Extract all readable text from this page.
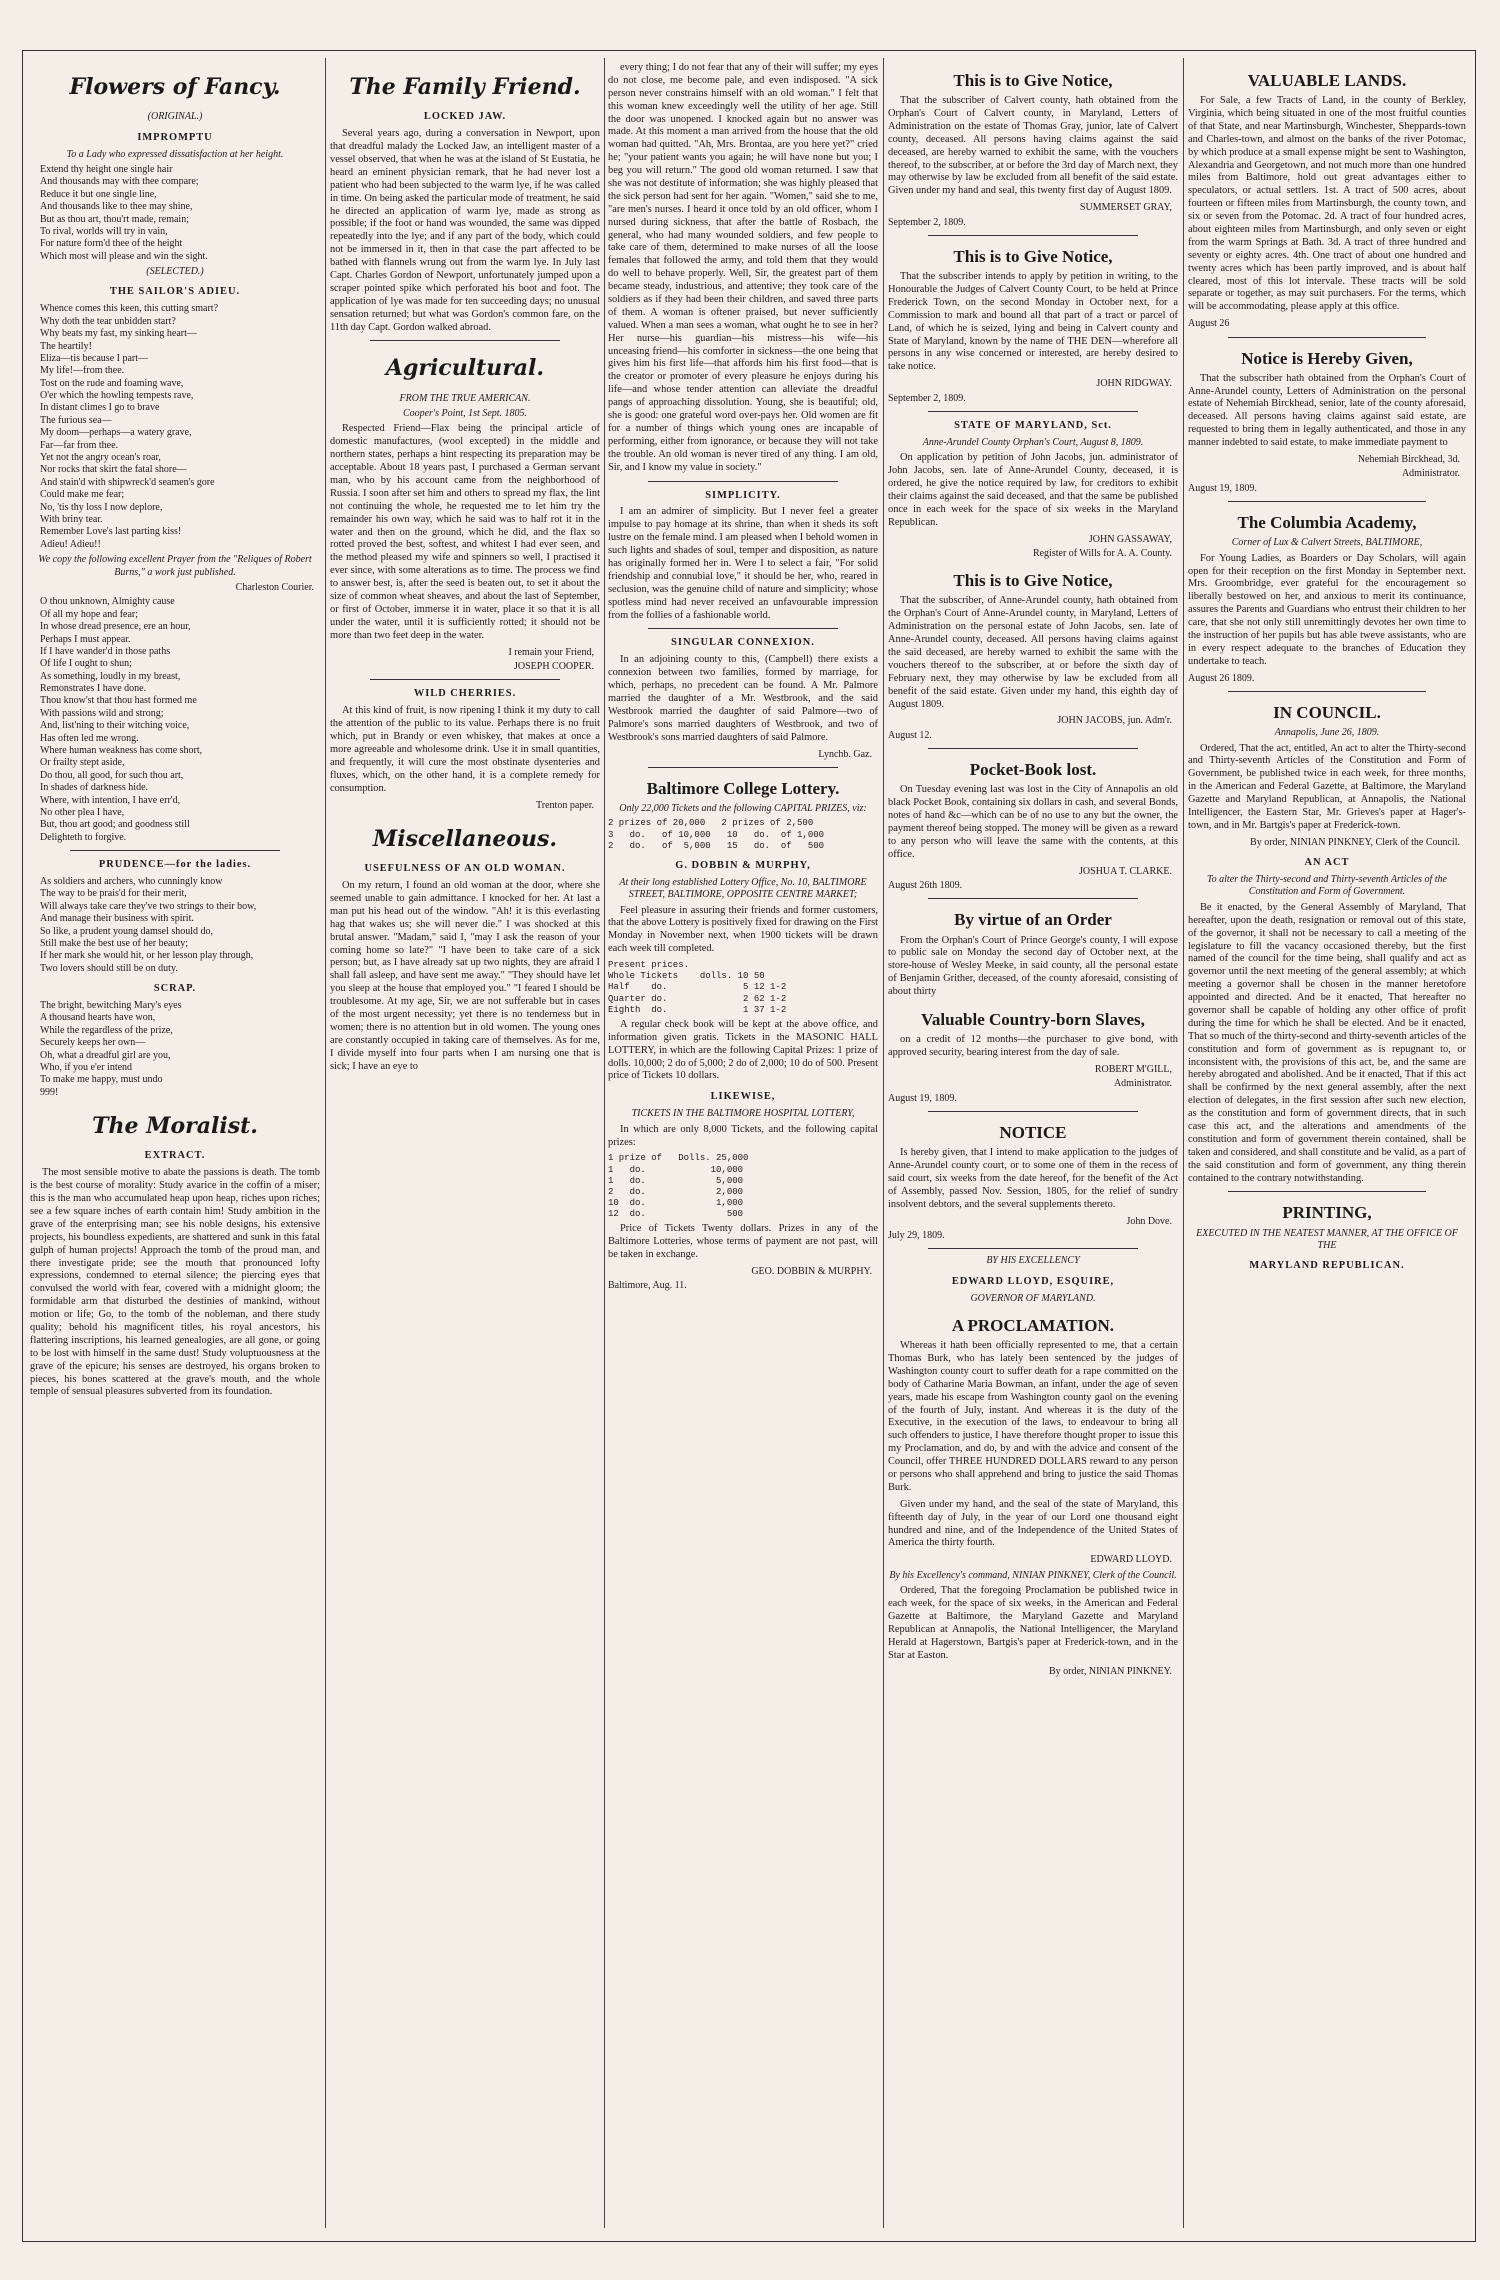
Flowers of Fancy.
(ORIGINAL.)
IMPROMPTU
To a Lady who expressed dissatisfaction at her height.
Extend thy height one single hair
And thousands may with thee compare;
Reduce it but one single line,
And thousands like to thee may shine,
But as thou art, thou'rt made, remain;
To rival, worlds will try in vain,
For nature form'd thee of the height
Which most will please and win the sight.
(SELECTED.)
THE SAILOR'S ADIEU.
Whence comes this keen, this cutting smart?
Why doth the tear unbidden start?
Why beats my fast, my sinking heart—
The heartily!
Eliza—tis because I part—
My life!—from thee.
Tost on the rude and foaming wave,
O'er which the howling tempests rave,
In distant climes I go to brave
The furious sea—
My doom—perhaps—a watery grave,
Far—far from thee.
Yet not the angry ocean's roar,
Nor rocks that skirt the fatal shore—
And stain'd with shipwreck'd seamen's gore
Could make me fear;
No, 'tis thy loss I now deplore,
With briny tear.
Remember Love's last parting kiss!
Adieu! Adieu!!
We copy the following excellent Prayer from the "Reliques of Robert Burns," a work just published.
Charleston Courier.
O thou unknown, Almighty cause
Of all my hope and fear;
In whose dread presence, ere an hour,
Perhaps I must appear.
If I have wander'd in those paths
Of life I ought to shun;
As something, loudly in my breast,
Remonstrates I have done.
Thou know'st that thou hast formed me
With passions wild and strong;
And, list'ning to their witching voice,
Has often led me wrong.
Where human weakness has come short,
Or frailty stept aside,
Do thou, all good, for such thou art,
In shades of darkness hide.
Where, with intention, I have err'd,
No other plea I have,
But, thou art good; and goodness still
Delighteth to forgive.
PRUDENCE—for the ladies.
As soldiers and archers, who cunningly know
The way to be prais'd for their merit,
Will always take care they've two strings to their bow,
And manage their business with spirit.
So like, a prudent young damsel should do,
Still make the best use of her beauty;
If her mark she would hit, or her lesson play through,
Two lovers should still be on duty.
SCRAP.
The bright, bewitching Mary's eyes
A thousand hearts have won,
While the regardless of the prize,
Securely keeps her own—
Oh, what a dreadful girl are you,
Who, if you e'er intend
To make me happy, must undo
999!
The Moralist.
EXTRACT.

The most sensible motive to abate the passions is death. The tomb is the best course of morality: Study avarice in the coffin of a miser; this is the man who accumulated heap upon heap, riches upon riches; see a few square inches of earth contain him! Study ambition in the grave of the enterprising man; see his noble designs, his extensive projects, his boundless expedients, are shattered and sunk in this fatal gulph of human projects! Approach the tomb of the proud man, and there investigate pride; see the mouth that pronounced lofty expressions, condemned to eternal silence; the piercing eyes that convulsed the world with fear, covered with a midnight gloom; the formidable arm that disturbed the destinies of mankind, without motion or life; Go, to the tomb of the nobleman, and there study quality; behold his magnificent titles, his royal ancestors, his flattering inscriptions, his learned genealogies, are all gone, or going to be lost with himself in the same dust! Study voluptuousness at the grave of the epicure; his senses are destroyed, his organs broken to pieces, his bones scattered at the grave's mouth, and the whole temple of sensual pleasures subverted from its foundation.

The Family Friend.
LOCKED JAW.

Several years ago, during a conversation in Newport, upon that dreadful malady the Locked Jaw, an intelligent master of a vessel observed, that when he was at the island of St Eustatia, he heard an eminent physician remark, that he had never lost a patient who had been subjected to the warm lye, if he was called in time. On being asked the particular mode of treatment, he said he directed an application of warm lye, made as strong as possible; if the foot or hand was wounded, the same was dipped repeatedly into the lye; and if any part of the body, which could not be immersed in it, then in that case the part affected to be bathed with flannels wrung out from the warm lye. In July last Capt. Charles Gordon of Newport, unfortunately jumped upon a scraper pointed spike which perforated his boot and foot. The application of lye was made for ten succeeding days; no unusual sensation returned; but what was Gordon's common fare, on the 11th day Capt. Gordon walked abroad.

Agricultural.
FROM THE TRUE AMERICAN.
Cooper's Point, 1st Sept. 1805.

Respected Friend—Flax being the principal article of domestic manufactures, (wool excepted) in the middle and northern states, perhaps a hint respecting its preparation may be acceptable. About 18 years past, I purchased a German servant man, who by his account came from the neighborhood of Russia. I soon after set him and others to spread my flax, the lint not continuing the whole, he requested me to let him try the remainder his own way, which he said was to half rot it in the water and then on the ground, which he did, and the flax so rotted proved the best, softest, and whitest I had ever seen, and the method pleased my wife and spinners so well, I practised it ever since, with some alterations as to time. The process we find to answer best, is, after the seed is beaten out, to set it about the size of common wheat sheaves, and about the last of September, or first of October, immerse it in water, place it so that it is all under the water, until it is sufficiently rotted; it should not be more than two feet deep in the water.

I remain your Friend,
JOSEPH COOPER.
WILD CHERRIES.

At this kind of fruit, is now ripening I think it my duty to call the attention of the public to its value. Perhaps there is no fruit which, put in Brandy or even whiskey, that makes at once a more agreeable and wholesome drink. Use it in small quantities, and frequently, it will cure the most obstinate dysenteries and fluxes, which, on the other hand, it is a complete remedy for consumption.

Trenton paper.
Miscellaneous.
USEFULNESS OF AN OLD WOMAN.

On my return, I found an old woman at the door, where she seemed unable to gain admittance. I knocked for her. At last a man put his head out of the window. "Ah! it is this everlasting hag that wakes us; she will never die." I was shocked at this brutal answer. "Madam," said I, "may I ask the reason of your coming home so late?" "I have been to take care of a sick person; but, as I have already sat up two nights, they are afraid I shall fall asleep, and have sent me away." "They should have let you sleep at the house that employed you." "I feared I should be troublesome. At my age, Sir, we are not sufferable but in cases of the most urgent necessity; yet there is no tenderness but in women; there is no attention but in old women. The young ones are constantly occupied in taking care of themselves. As for me, I divide myself into four parts when I am nursing one that is sick; I have an eye to

every thing; I do not fear that any of their will suffer; my eyes do not close, me become pale, and even indisposed. "A sick person never constrains himself with an old woman." I felt that this woman knew exceedingly well the utility of her age. Still the door was unopened. I knocked again but no answer was made. At this moment a man arrived from the house that the old woman had quitted. "Ah, Mrs. Brontaa, are you here yet?" cried he; "your patient wants you again; he will have none but you; I beg you will return." The good old woman returned. I saw that she was not destitute of information; she was highly pleased that the sick person had sent for her again. "Women," said she to me, "are men's nurses. I heard it once told by an old officer, whom I nursed during sickness, that after the battle of Rosbach, the general, who had many wounded soldiers, and few people to take care of them, determined to make nurses of all the loose females that followed the army, and told them that they would do well to behave properly. Well, Sir, the greatest part of them became steady, industrious, and attentive; they took care of the soldiers as if they had been their children, and saved three parts of them. A woman is oftener praised, but never sufficiently valued. When a man sees a woman, what ought he to see in her? Her nurse—his guardian—his mistress—his wife—his unceasing friend—his comforter in sickness—the one being that gives him his first life—that affords him his first food—that is the creator or promoter of every pleasure he enjoys during his life—and whose tender attention can alleviate the dreadful pangs of approaching dissolution. Young, she is beautiful; old, she is good: one grateful word over-pays her. Old women are fit for a number of things which young ones are incapable of performing, either from ignorance, or because they will not take the trouble. An old woman is never tired of any thing. I am old, Sir, and I know my value in society."

SIMPLICITY.

I am an admirer of simplicity. But I never feel a greater impulse to pay homage at its shrine, than when it sheds its soft lustre on the female mind. I am pleased when I behold women in such lights and shades of soul, temper and disposition, as nature has originally formed her in. Were I to select a fair, "For solid friendship and connubial love," it should be her, who, reared in seclusion, was the genuine child of nature and simplicity; whose spotless mind had never received an unfavourable impression from the follies of a fashionable world.

SINGULAR CONNEXION.

In an adjoining county to this, (Campbell) there exists a connexion between two families, formed by marriage, for which, perhaps, no precedent can be found. A Mr. Palmore married the daughter of a Mr. Westbrook, and the said Westbrook married the daughter of said Palmore—two of Palmore's sons married daughters of Westbrook, and two of Westbrook's sons married daughters of said Palmore.

Lynchb. Gaz.
Baltimore College Lottery.
Only 22,000 Tickets and the following CAPITAL PRIZES, viz:
2 prizes of 20,000   2 prizes of 2,500
3   do.   of 10,000   10   do.  of 1,000
2   do.   of  5,000   15   do.  of   500
G. DOBBIN & MURPHY,
At their long established Lottery Office, No. 10, BALTIMORE STREET, BALTIMORE, OPPOSITE CENTRE MARKET;

Feel pleasure in assuring their friends and former customers, that the above Lottery is positively fixed for drawing on the First Monday in November next, when 1900 tickets will be drawn each week till completed.

Present prices.
Whole Tickets    dolls. 10 50
Half    do.              5 12 1-2
Quarter do.              2 62 1-2
Eighth  do.              1 37 1-2

A regular check book will be kept at the above office, and information given gratis. Tickets in the MASONIC HALL LOTTERY, in which are the following Capital Prizes: 1 prize of dolls. 10,000; 2 do of 5,000; 2 do of 2,000; 10 do of 500. Present price of Tickets 10 dollars.

LIKEWISE,
TICKETS IN THE BALTIMORE HOSPITAL LOTTERY,

In which are only 8,000 Tickets, and the following capital prizes:

1 prize of   Dolls. 25,000
1   do.            10,000
1   do.             5,000
2   do.             2,000
10  do.             1,000
12  do.               500

Price of Tickets Twenty dollars. Prizes in any of the Baltimore Lotteries, whose terms of payment are not past, will be taken in exchange.

GEO. DOBBIN & MURPHY.
Baltimore, Aug. 11.
This is to Give Notice,

That the subscriber of Calvert county, hath obtained from the Orphan's Court of Calvert county, in Maryland, Letters of Administration on the estate of Thomas Gray, junior, late of Calvert county, deceased. All persons having claims against the said deceased, are hereby warned to exhibit the same, with the vouchers thereof, to the subscriber, at or before the 3rd day of March next, they may otherwise by law be excluded from all benefit of the said estate. Given under my hand and seal, this twenty first day of August 1809.

SUMMERSET GRAY,
September 2, 1809.
This is to Give Notice,

That the subscriber intends to apply by petition in writing, to the Honourable the Judges of Calvert County Court, to be held at Prince Frederick Town, on the second Monday in October next, for a Commission to mark and bound all that part of a tract or parcel of Land, of which he is seized, lying and being in Calvert county and State of Maryland, known by the name of THE DEN—wherefore all persons in any wise concerned or interested, are hereby desired to take notice.

JOHN RIDGWAY.
September 2, 1809.
STATE OF MARYLAND, Sct.
Anne-Arundel County Orphan's Court, August 8, 1809.

On application by petition of John Jacobs, jun. administrator of John Jacobs, sen. late of Anne-Arundel County, deceased, it is ordered, he give the notice required by law, for creditors to exhibit their claims against the said deceased, and that the same be published once in each week for the space of six weeks in the Maryland Republican.

JOHN GASSAWAY,
Register of Wills for A. A. County.
This is to Give Notice,

That the subscriber, of Anne-Arundel county, hath obtained from the Orphan's Court of Anne-Arundel county, in Maryland, Letters of Administration on the personal estate of John Jacobs, sen. late of Anne-Arundel county, deceased. All persons having claims against the said deceased, are hereby warned to exhibit the same with the vouchers thereof to the subscriber, at or before the sixth day of February next, they may otherwise by law be excluded from all benefit of the said estate. Given under my hand, this eighth day of August 1809.

JOHN JACOBS, jun. Adm'r.
August 12.
Pocket-Book lost.

On Tuesday evening last was lost in the City of Annapolis an old black Pocket Book, containing six dollars in cash, and several Bonds, notes of hand &c—which can be of no use to any but the owner, the payment thereof being stopped. The money will be given as a reward to any person who will leave the same with the contents, at this office.

JOSHUA T. CLARKE.
August 26th 1809.
By virtue of an Order

From the Orphan's Court of Prince George's county, I will expose to public sale on Monday the second day of October next, at the store-house of Wesley Meeke, in said county, all the personal estate of Benjamin Grither, deceased, of the county aforesaid, consisting of about thirty

Valuable Country-born Slaves,

on a credit of 12 months—the purchaser to give bond, with approved security, bearing interest from the day of sale.

ROBERT M'GILL,
Administrator.
August 19, 1809.
NOTICE

Is hereby given, that I intend to make application to the judges of Anne-Arundel county court, or to some one of them in the recess of said court, six weeks from the date hereof, for the benefit of the Act of Assembly, passed Nov. Session, 1805, for the relief of sundry insolvent debtors, and the several supplements thereto.

John Dove.
July 29, 1809.
BY HIS EXCELLENCY
EDWARD LLOYD, ESQUIRE,
GOVERNOR OF MARYLAND.
A PROCLAMATION.

Whereas it hath been officially represented to me, that a certain Thomas Burk, who has lately been sentenced by the judges of Washington county court to suffer death for a rape committed on the body of Catharine Maria Bowman, an infant, under the age of seven years, made his escape from Washington county gaol on the evening of the fourth of July, instant. And whereas it is the duty of the Executive, in the execution of the laws, to endeavour to bring all such offenders to justice, I have therefore thought proper to issue this my Proclamation, and do, by and with the advice and consent of the Council, offer THREE HUNDRED DOLLARS reward to any person or persons who shall apprehend and bring to justice the said Thomas Burk.

Given under my hand, and the seal of the state of Maryland, this fifteenth day of July, in the year of our Lord one thousand eight hundred and nine, and of the Independence of the United States of America the thirty fourth.

EDWARD LLOYD.
By his Excellency's command, NINIAN PINKNEY, Clerk of the Council.

Ordered, That the foregoing Proclamation be published twice in each week, for the space of six weeks, in the American and Federal Gazette at Baltimore, the Maryland Gazette and Maryland Republican at Annapolis, the National Intelligencer, the Maryland Herald at Hagerstown, Bartgis's paper at Frederick-town, and in the Star at Easton.

By order, NINIAN PINKNEY.
VALUABLE LANDS.

For Sale, a few Tracts of Land, in the county of Berkley, Virginia, which being situated in one of the most fruitful counties of that State, and near Martinsburgh, Winchester, Sheppards-town and Charles-town, and almost on the banks of the river Potomac, by which produce at a small expense might be sent to Washington, Alexandria and Georgetown, and not much more than one hundred miles from Baltimore, hold out great advantages either to speculators, or actual settlers. 1st. A tract of 500 acres, about fourteen or fifteen miles from Martinsburgh, the county town, and six or seven from the Potomac. 2d. A tract of four hundred acres, about eighteen miles from Martinsburgh, and only seven or eight from the warm Springs at Bath. 3d. A tract of three hundred and seventy or eighty acres. 4th. One tract of about one hundred and twenty acres which has been partly improved, and is about half cleared, most of this lot intervale. These tracts will be sold separate or together, as may suit purchasers. For the terms, which will be accommodating, please apply at this office.

August 26
Notice is Hereby Given,

That the subscriber hath obtained from the Orphan's Court of Anne-Arundel county, Letters of Administration on the personal estate of Nehemiah Birckhead, senior, late of the county aforesaid, deceased. All persons having claims against said estate, are requested to bring them in legally authenticated, and those in any manner indebted to said estate, to make immediate payment to

Nehemiah Birckhead, 3d.
Administrator.
August 19, 1809.
The Columbia Academy,
Corner of Lux & Calvert Streets, BALTIMORE,

For Young Ladies, as Boarders or Day Scholars, will again open for their reception on the first Monday in September next. Mrs. Groombridge, ever grateful for the encouragement so liberally bestowed on her, and anxious to merit its continuance, assures the Parents and Guardians who entrust their children to her care, that she not only still unremittingly devotes her own time to the instruction of her pupils but has able tweve assistants, who are in every respect adequate to the branches of Education they undertake to teach.

August 26 1809.
IN COUNCIL.
Annapolis, June 26, 1809.

Ordered, That the act, entitled, An act to alter the Thirty-second and Thirty-seventh Articles of the Constitution and Form of Government, be published twice in each week, for three months, in the American and Federal Gazette, at Baltimore, the Maryland Gazette and Maryland Republican, at Annapolis, the National Intelligencer, the Eastern Star, Mr. Grieves's paper at Hager's-town, and in Mr. Bartgis's paper at Frederick-town.

By order, NINIAN PINKNEY, Clerk of the Council.
AN ACT
To alter the Thirty-second and Thirty-seventh Articles of the Constitution and Form of Government.

Be it enacted, by the General Assembly of Maryland, That hereafter, upon the death, resignation or removal out of this state, of the governor, it shall not be necessary to call a meeting of the legislature to fill the vacancy occasioned thereby, but the first named of the council for the time being, shall qualify and act as governor until the next meeting of the general assembly; at which meeting a governor shall be chosen in the manner heretofore appointed and directed. And be it enacted, That hereafter no governor shall be capable of holding any other office of profit during the time for which he shall be elected. And be it enacted, That so much of the thirty-second and thirty-seventh articles of the constitution and form of government as is repugnant to, or inconsistent with, the provisions of this act, be, and the same are hereby abrogated and abolished. And be it enacted, That if this act shall be confirmed by the next general assembly, after the next election of delegates, in the first session after such new election, as the constitution and form of government directs, that in such case this act, and the alterations and amendments of the constitution and form of government therein contained, shall be taken and considered, and shall constitute and be valid, as a part of the said constitution and form of government, any thing therein contained to the contrary notwithstanding.

PRINTING,
EXECUTED IN THE NEATEST MANNER, AT THE OFFICE OF THE
MARYLAND REPUBLICAN.
